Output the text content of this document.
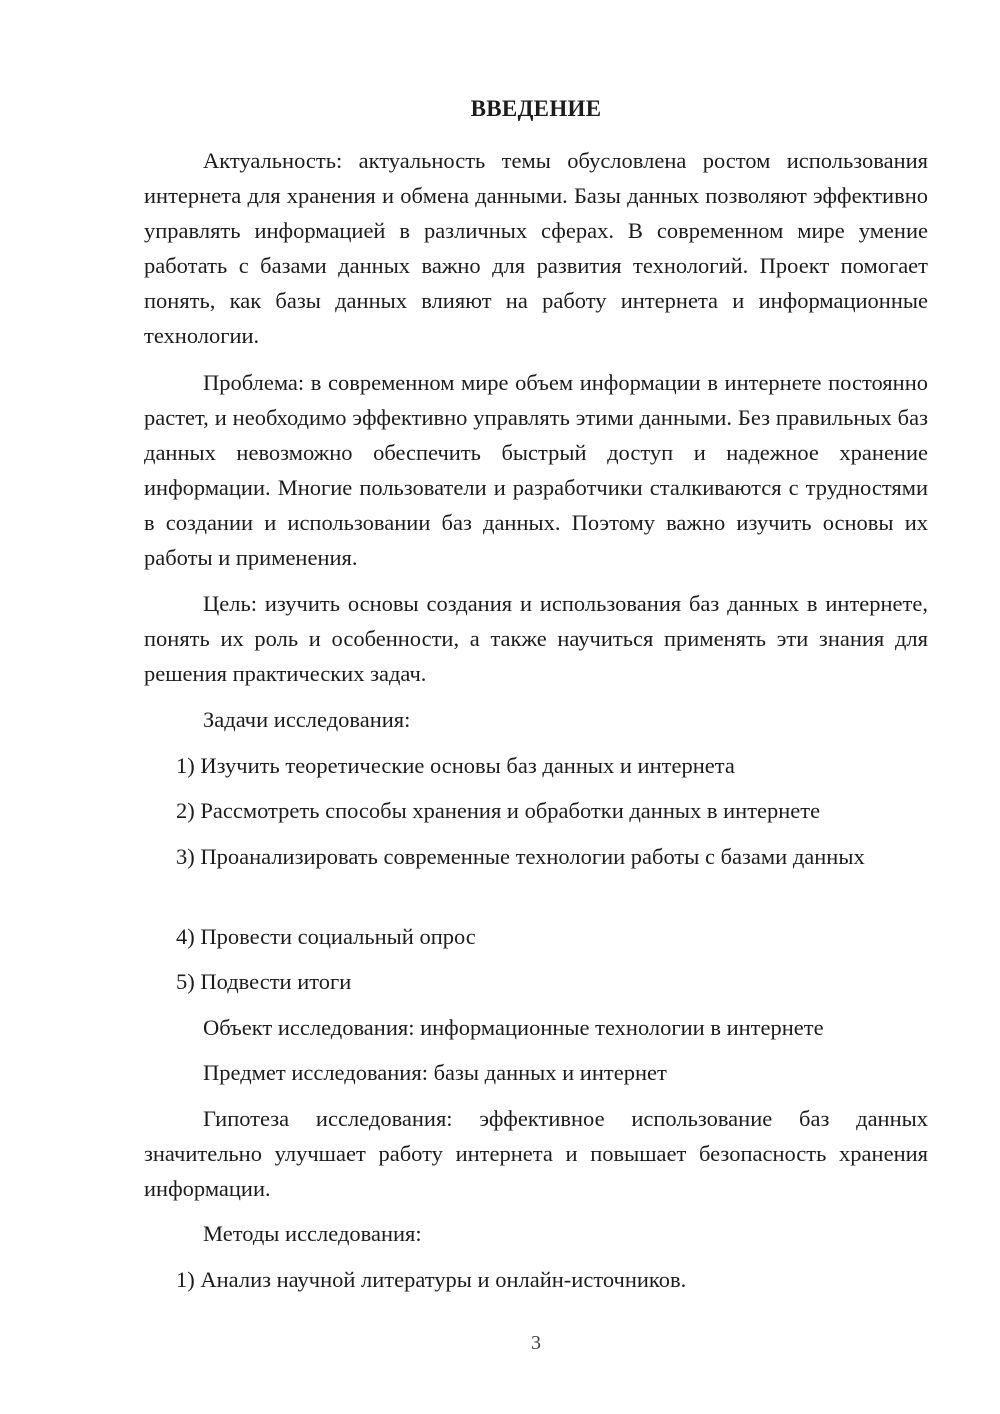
ВВЕДЕНИЕ

Актуальность: актуальность темы обусловлена ростом использования интернета для хранения и обмена данными. Базы данных позволяют эффективно управлять информацией в различных сферах. В современном мире умение работать с базами данных важно для развития технологий. Проект помогает понять, как базы данных влияют на работу интернета и информационные технологии.

Проблема: в современном мире объем информации в интернете постоянно растет, и необходимо эффективно управлять этими данными. Без правильных баз данных невозможно обеспечить быстрый доступ и надежное хранение информации. Многие пользователи и разработчики сталкиваются с трудностями в создании и использовании баз данных. Поэтому важно изучить основы их работы и применения.

Цель: изучить основы создания и использования баз данных в интернете, понять их роль и особенности, а также научиться применять эти знания для решения практических задач.

Задачи исследования:

1) Изучить теоретические основы баз данных и интернета

2) Рассмотреть способы хранения и обработки данных в интернете

3) Проанализировать современные технологии работы с базами данных

4) Провести социальный опрос

5) Подвести итоги

Объект исследования: информационные технологии в интернете

Предмет исследования: базы данных и интернет

Гипотеза исследования: эффективное использование баз данных значительно улучшает работу интернета и повышает безопасность хранения информации.

Методы исследования:

1) Анализ научной литературы и онлайн-источников.

3
